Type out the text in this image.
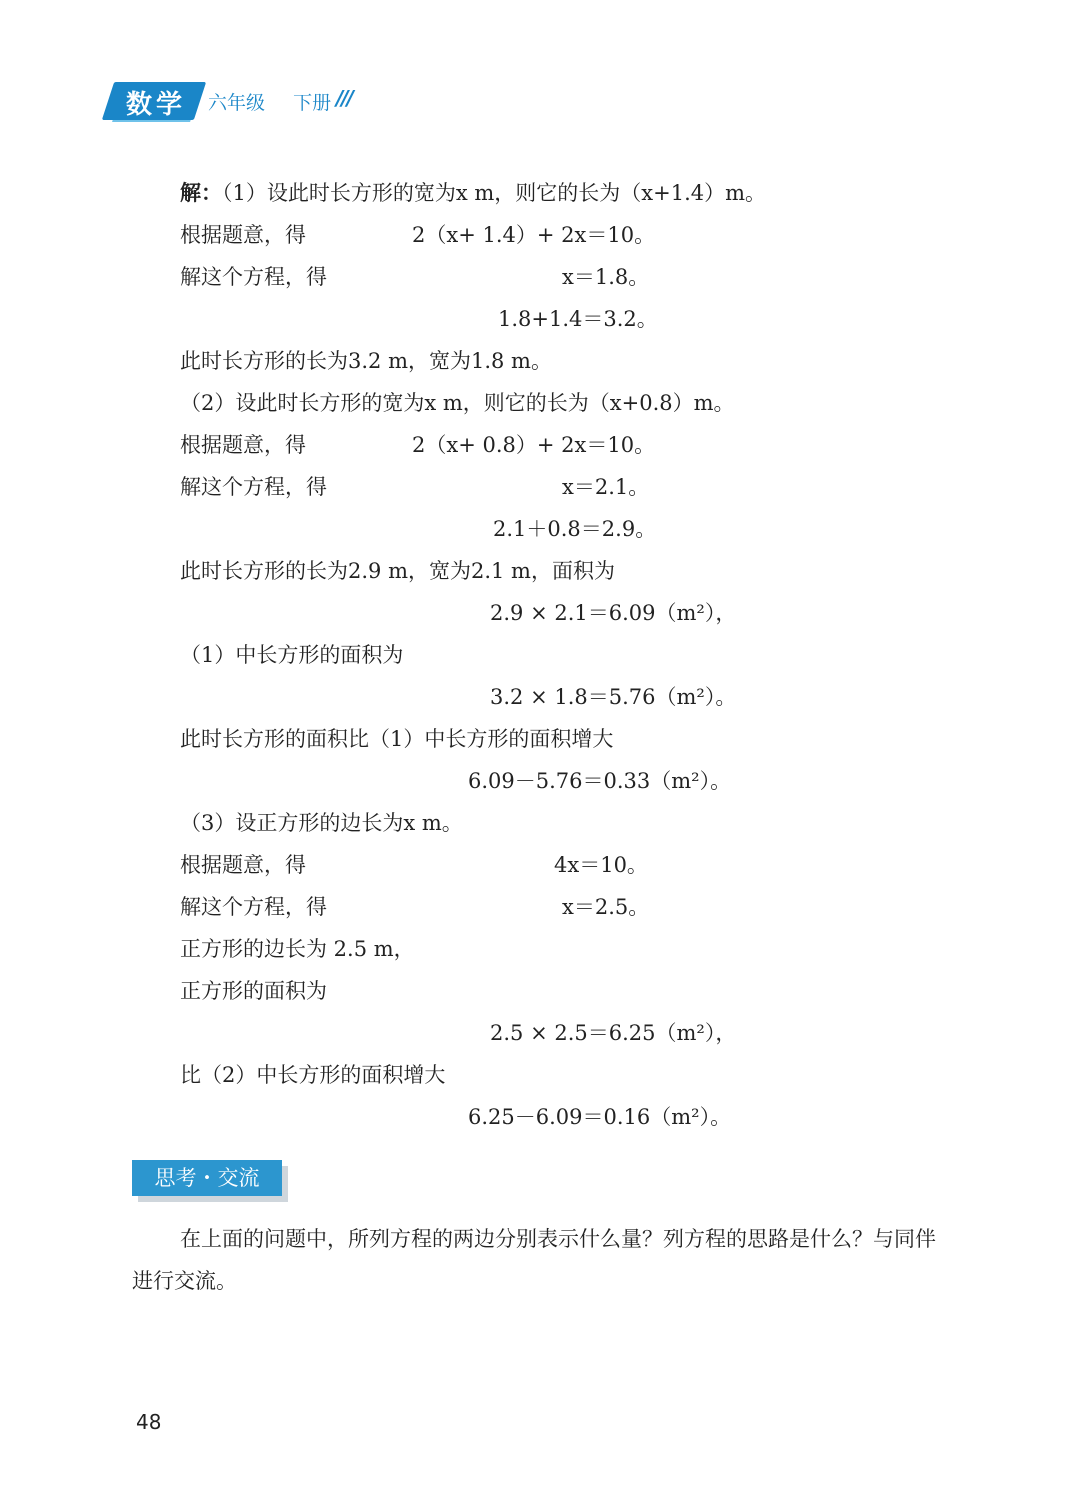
数学 六年级 下册 ///
解：（1）设此时长方形的宽为x m，则它的长为（x+1.4）m。
根据题意，得	2（x+ 1.4）+ 2x＝10。
解这个方程，得	x＝1.8。
1.8+1.4＝3.2。
此时长方形的长为3.2 m，宽为1.8 m。
（2）设此时长方形的宽为x m，则它的长为（x+0.8）m。
根据题意，得	2（x+ 0.8）+ 2x＝10。
解这个方程，得	x＝2.1。
2.1＋0.8＝2.9。
此时长方形的长为2.9 m，宽为2.1 m，面积为
2.9 × 2.1＝6.09（m²），
（1）中长方形的面积为
3.2 × 1.8＝5.76（m²）。
此时长方形的面积比（1）中长方形的面积增大
6.09－5.76＝0.33（m²）。
（3）设正方形的边长为x m。
根据题意，得	4x＝10。
解这个方程，得	x＝2.5。
正方形的边长为 2.5 m，
正方形的面积为
2.5 × 2.5＝6.25（m²），
比（2）中长方形的面积增大
6.25－6.09＝0.16（m²）。
思考・交流
在上面的问题中，所列方程的两边分别表示什么量？列方程的思路是什么？与同伴进行交流。
48
